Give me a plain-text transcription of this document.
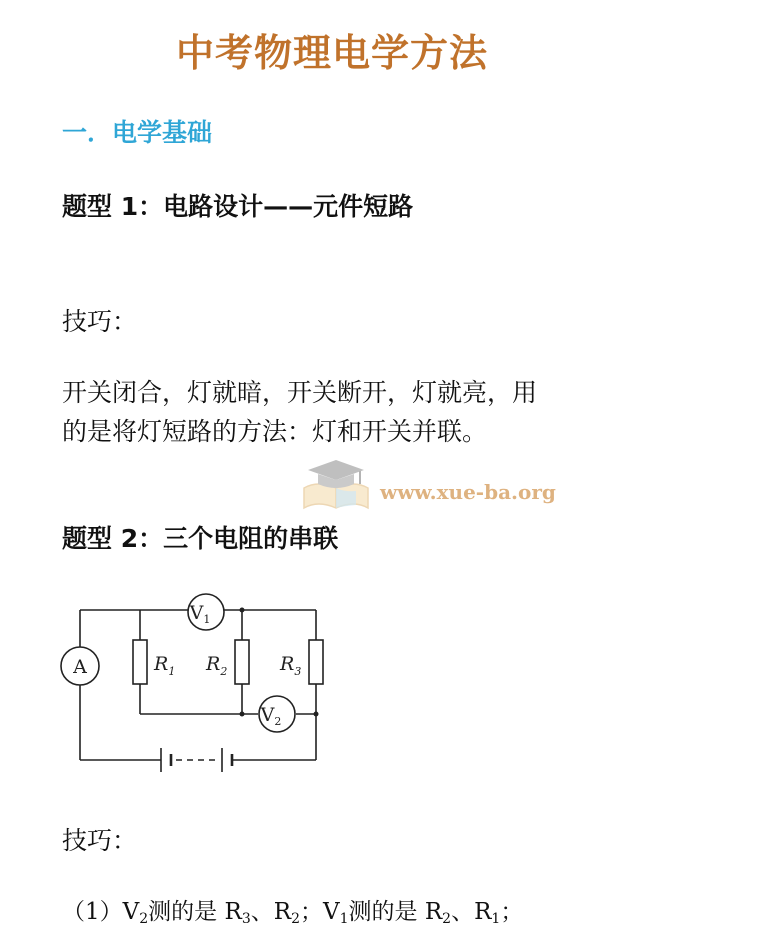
中考物理电学方法
一．电学基础
题型 1：电路设计——元件短路
技巧：
开关闭合，灯就暗，开关断开，灯就亮，用
的是将灯短路的方法：灯和开关并联。
www.xue-ba.org
题型 2：三个电阻的串联
A
$V_1$
$V_2$
$R_1$ $R_2$	$R_3$
技巧：
$(1)V_2$测的是 $R_3$、$R_2$；$V_1$测的是 $R_2$、$R_1$；
